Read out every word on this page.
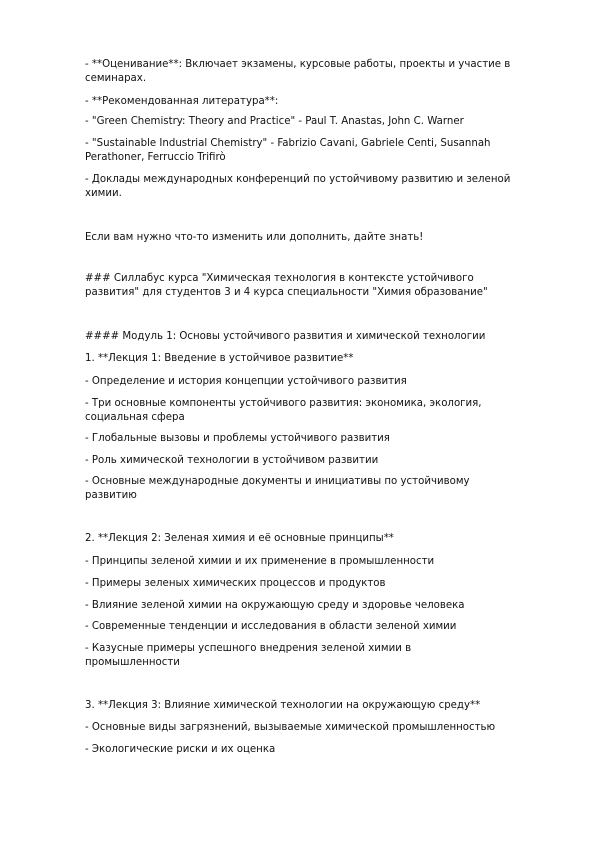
- **Оценивание**: Включает экзамены, курсовые работы, проекты и участие в
семинарах.
- **Рекомендованная литература**:
- "Green Chemistry: Theory and Practice" - Paul T. Anastas, John C. Warner
- "Sustainable Industrial Chemistry" - Fabrizio Cavani, Gabriele Centi, Susannah
Perathoner, Ferruccio Trifirò
- Доклады международных конференций по устойчивому развитию и зеленой
химии.
Если вам нужно что-то изменить или дополнить, дайте знать!
### Силлабус курса "Химическая технология в контексте устойчивого
развития" для студентов 3 и 4 курса специальности "Химия образование"
#### Модуль 1: Основы устойчивого развития и химической технологии
1. **Лекция 1: Введение в устойчивое развитие**
- Определение и история концепции устойчивого развития
- Три основные компоненты устойчивого развития: экономика, экология,
социальная сфера
- Глобальные вызовы и проблемы устойчивого развития
- Роль химической технологии в устойчивом развитии
- Основные международные документы и инициативы по устойчивому
развитию
2. **Лекция 2: Зеленая химия и её основные принципы**
- Принципы зеленой химии и их применение в промышленности
- Примеры зеленых химических процессов и продуктов
- Влияние зеленой химии на окружающую среду и здоровье человека
- Современные тенденции и исследования в области зеленой химии
- Казусные примеры успешного внедрения зеленой химии в
промышленности
3. **Лекция 3: Влияние химической технологии на окружающую среду**
- Основные виды загрязнений, вызываемые химической промышленностью
- Экологические риски и их оценка
